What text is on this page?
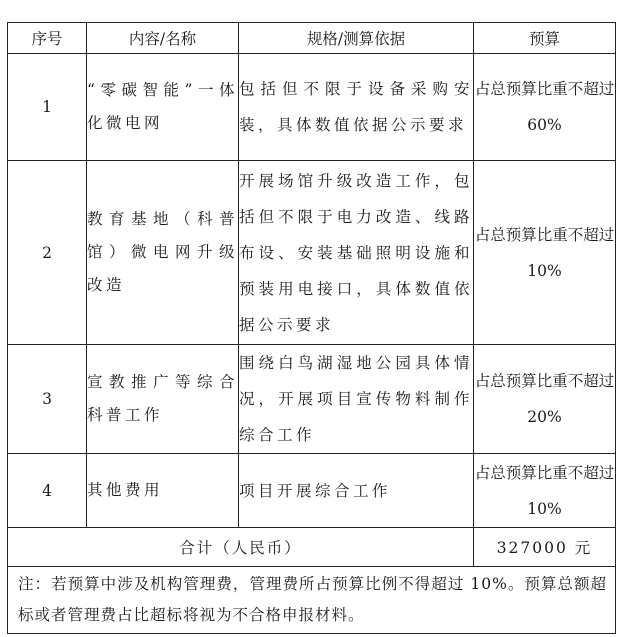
序号	内容/名称	规格/测算依据	预算
1	“零碳智能”一体化微电网	包括但不限于设备采购安装，具体数值依据公示要求	占总预算比重不超过 60%
2	教育基地（科普馆）微电网升级改造	开展场馆升级改造工作，包括但不限于电力改造、线路布设、安装基础照明设施和预装用电接口，具体数值依据公示要求	占总预算比重不超过 10%
3	宣教推广等综合科普工作	围绕白鸟湖湿地公园具体情况，开展项目宣传物料制作综合工作	占总预算比重不超过 20%
4	其他费用	项目开展综合工作	占总预算比重不超过 10%
合计（人民币）			327000 元
注：若预算中涉及机构管理费，管理费所占预算比例不得超过 10%。预算总额超标或者管理费占比超标将视为不合格申报材料。			
